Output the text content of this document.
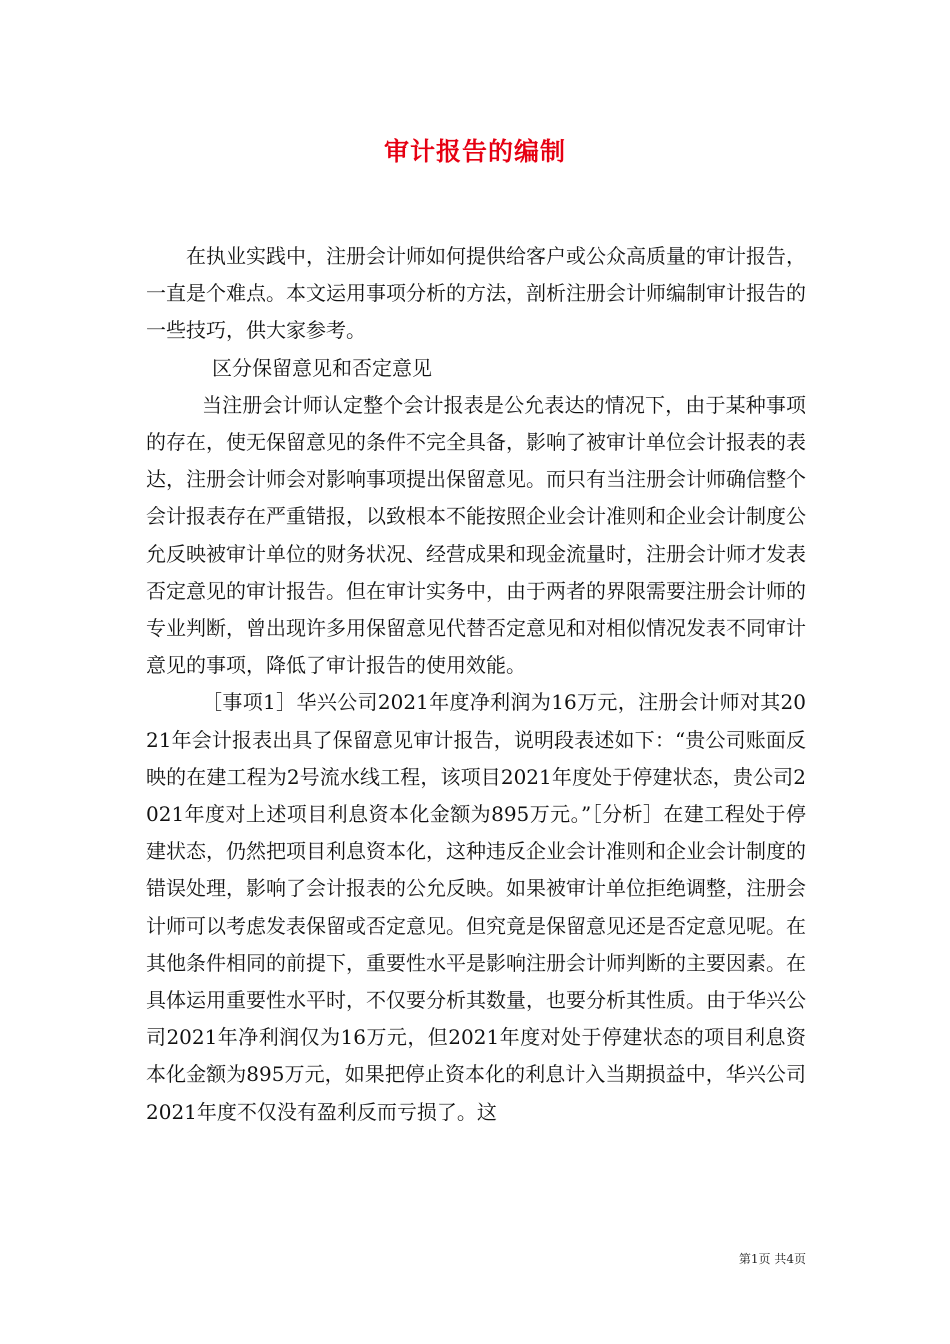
审计报告的编制

在执业实践中，注册会计师如何提供给客户或公众高质量的审计报告，一直是个难点。本文运用事项分析的方法，剖析注册会计师编制审计报告的一些技巧，供大家参考。

区分保留意见和否定意见

当注册会计师认定整个会计报表是公允表达的情况下，由于某种事项的存在，使无保留意见的条件不完全具备，影响了被审计单位会计报表的表达，注册会计师会对影响事项提出保留意见。而只有当注册会计师确信整个会计报表存在严重错报，以致根本不能按照企业会计准则和企业会计制度公允反映被审计单位的财务状况、经营成果和现金流量时，注册会计师才发表否定意见的审计报告。但在审计实务中，由于两者的界限需要注册会计师的专业判断，曾出现许多用保留意见代替否定意见和对相似情况发表不同审计意见的事项，降低了审计报告的使用效能。

［事项1］华兴公司2021年度净利润为16万元，注册会计师对其2021年会计报表出具了保留意见审计报告，说明段表述如下：“贵公司账面反映的在建工程为2号流水线工程，该项目2021年度处于停建状态，贵公司2021年度对上述项目利息资本化金额为895万元。”［分析］在建工程处于停建状态，仍然把项目利息资本化，这种违反企业会计准则和企业会计制度的错误处理，影响了会计报表的公允反映。如果被审计单位拒绝调整，注册会计师可以考虑发表保留或否定意见。但究竟是保留意见还是否定意见呢。在其他条件相同的前提下，重要性水平是影响注册会计师判断的主要因素。在具体运用重要性水平时，不仅要分析其数量，也要分析其性质。由于华兴公司2021年净利润仅为16万元，但2021年度对处于停建状态的项目利息资本化金额为895万元，如果把停止资本化的利息计入当期损益中，华兴公司2021年度不仅没有盈利反而亏损了。这

第1页 共4页
